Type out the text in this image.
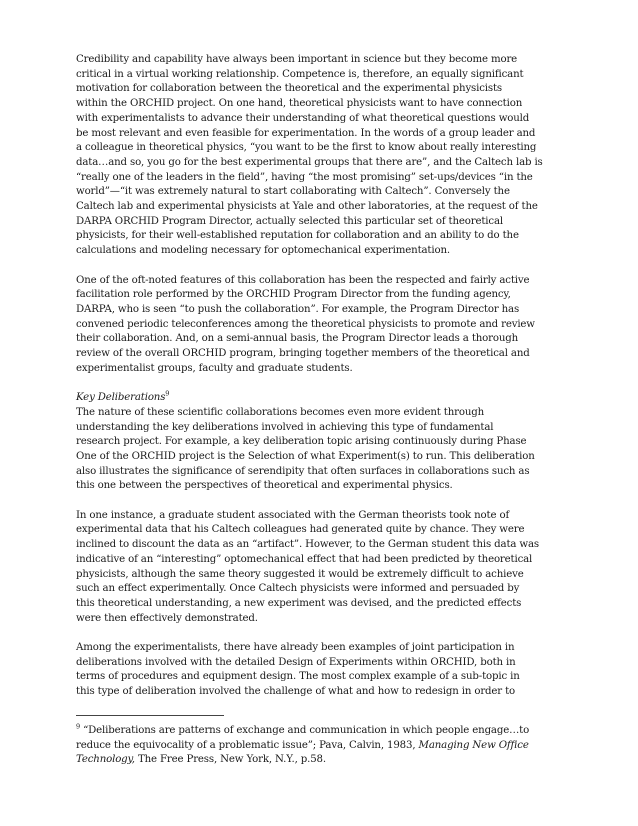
Credibility and capability have always been important in science but they become more
critical in a virtual working relationship. Competence is, therefore, an equally significant
motivation for collaboration between the theoretical and the experimental physicists
within the ORCHID project. On one hand, theoretical physicists want to have connection
with experimentalists to advance their understanding of what theoretical questions would
be most relevant and even feasible for experimentation. In the words of a group leader and
a colleague in theoretical physics, “you want to be the first to know about really interesting
data…and so, you go for the best experimental groups that there are”, and the Caltech lab is
“really one of the leaders in the field”, having “the most promising” set-ups/devices “in the
world”—“it was extremely natural to start collaborating with Caltech”. Conversely the
Caltech lab and experimental physicists at Yale and other laboratories, at the request of the
DARPA ORCHID Program Director, actually selected this particular set of theoretical
physicists, for their well-established reputation for collaboration and an ability to do the
calculations and modeling necessary for optomechanical experimentation.

One of the oft-noted features of this collaboration has been the respected and fairly active
facilitation role performed by the ORCHID Program Director from the funding agency,
DARPA, who is seen “to push the collaboration”. For example, the Program Director has
convened periodic teleconferences among the theoretical physicists to promote and review
their collaboration. And, on a semi-annual basis, the Program Director leads a thorough
review of the overall ORCHID program, bringing together members of the theoretical and
experimentalist groups, faculty and graduate students.

Key Deliberations$^9$

The nature of these scientific collaborations becomes even more evident through
understanding the key deliberations involved in achieving this type of fundamental
research project. For example, a key deliberation topic arising continuously during Phase
One of the ORCHID project is the Selection of what Experiment(s) to run. This deliberation
also illustrates the significance of serendipity that often surfaces in collaborations such as
this one between the perspectives of theoretical and experimental physics.

In one instance, a graduate student associated with the German theorists took note of
experimental data that his Caltech colleagues had generated quite by chance. They were
inclined to discount the data as an “artifact”. However, to the German student this data was
indicative of an “interesting” optomechanical effect that had been predicted by theoretical
physicists, although the same theory suggested it would be extremely difficult to achieve
such an effect experimentally. Once Caltech physicists were informed and persuaded by
this theoretical understanding, a new experiment was devised, and the predicted effects
were then effectively demonstrated.

Among the experimentalists, there have already been examples of joint participation in
deliberations involved with the detailed Design of Experiments within ORCHID, both in
terms of procedures and equipment design. The most complex example of a sub-topic in
this type of deliberation involved the challenge of what and how to redesign in order to

$^9$ “Deliberations are patterns of exchange and communication in which people engage…to
reduce the equivocality of a problematic issue”; Pava, Calvin, 1983, Managing New Office
Technology, The Free Press, New York, N.Y., p.58.
